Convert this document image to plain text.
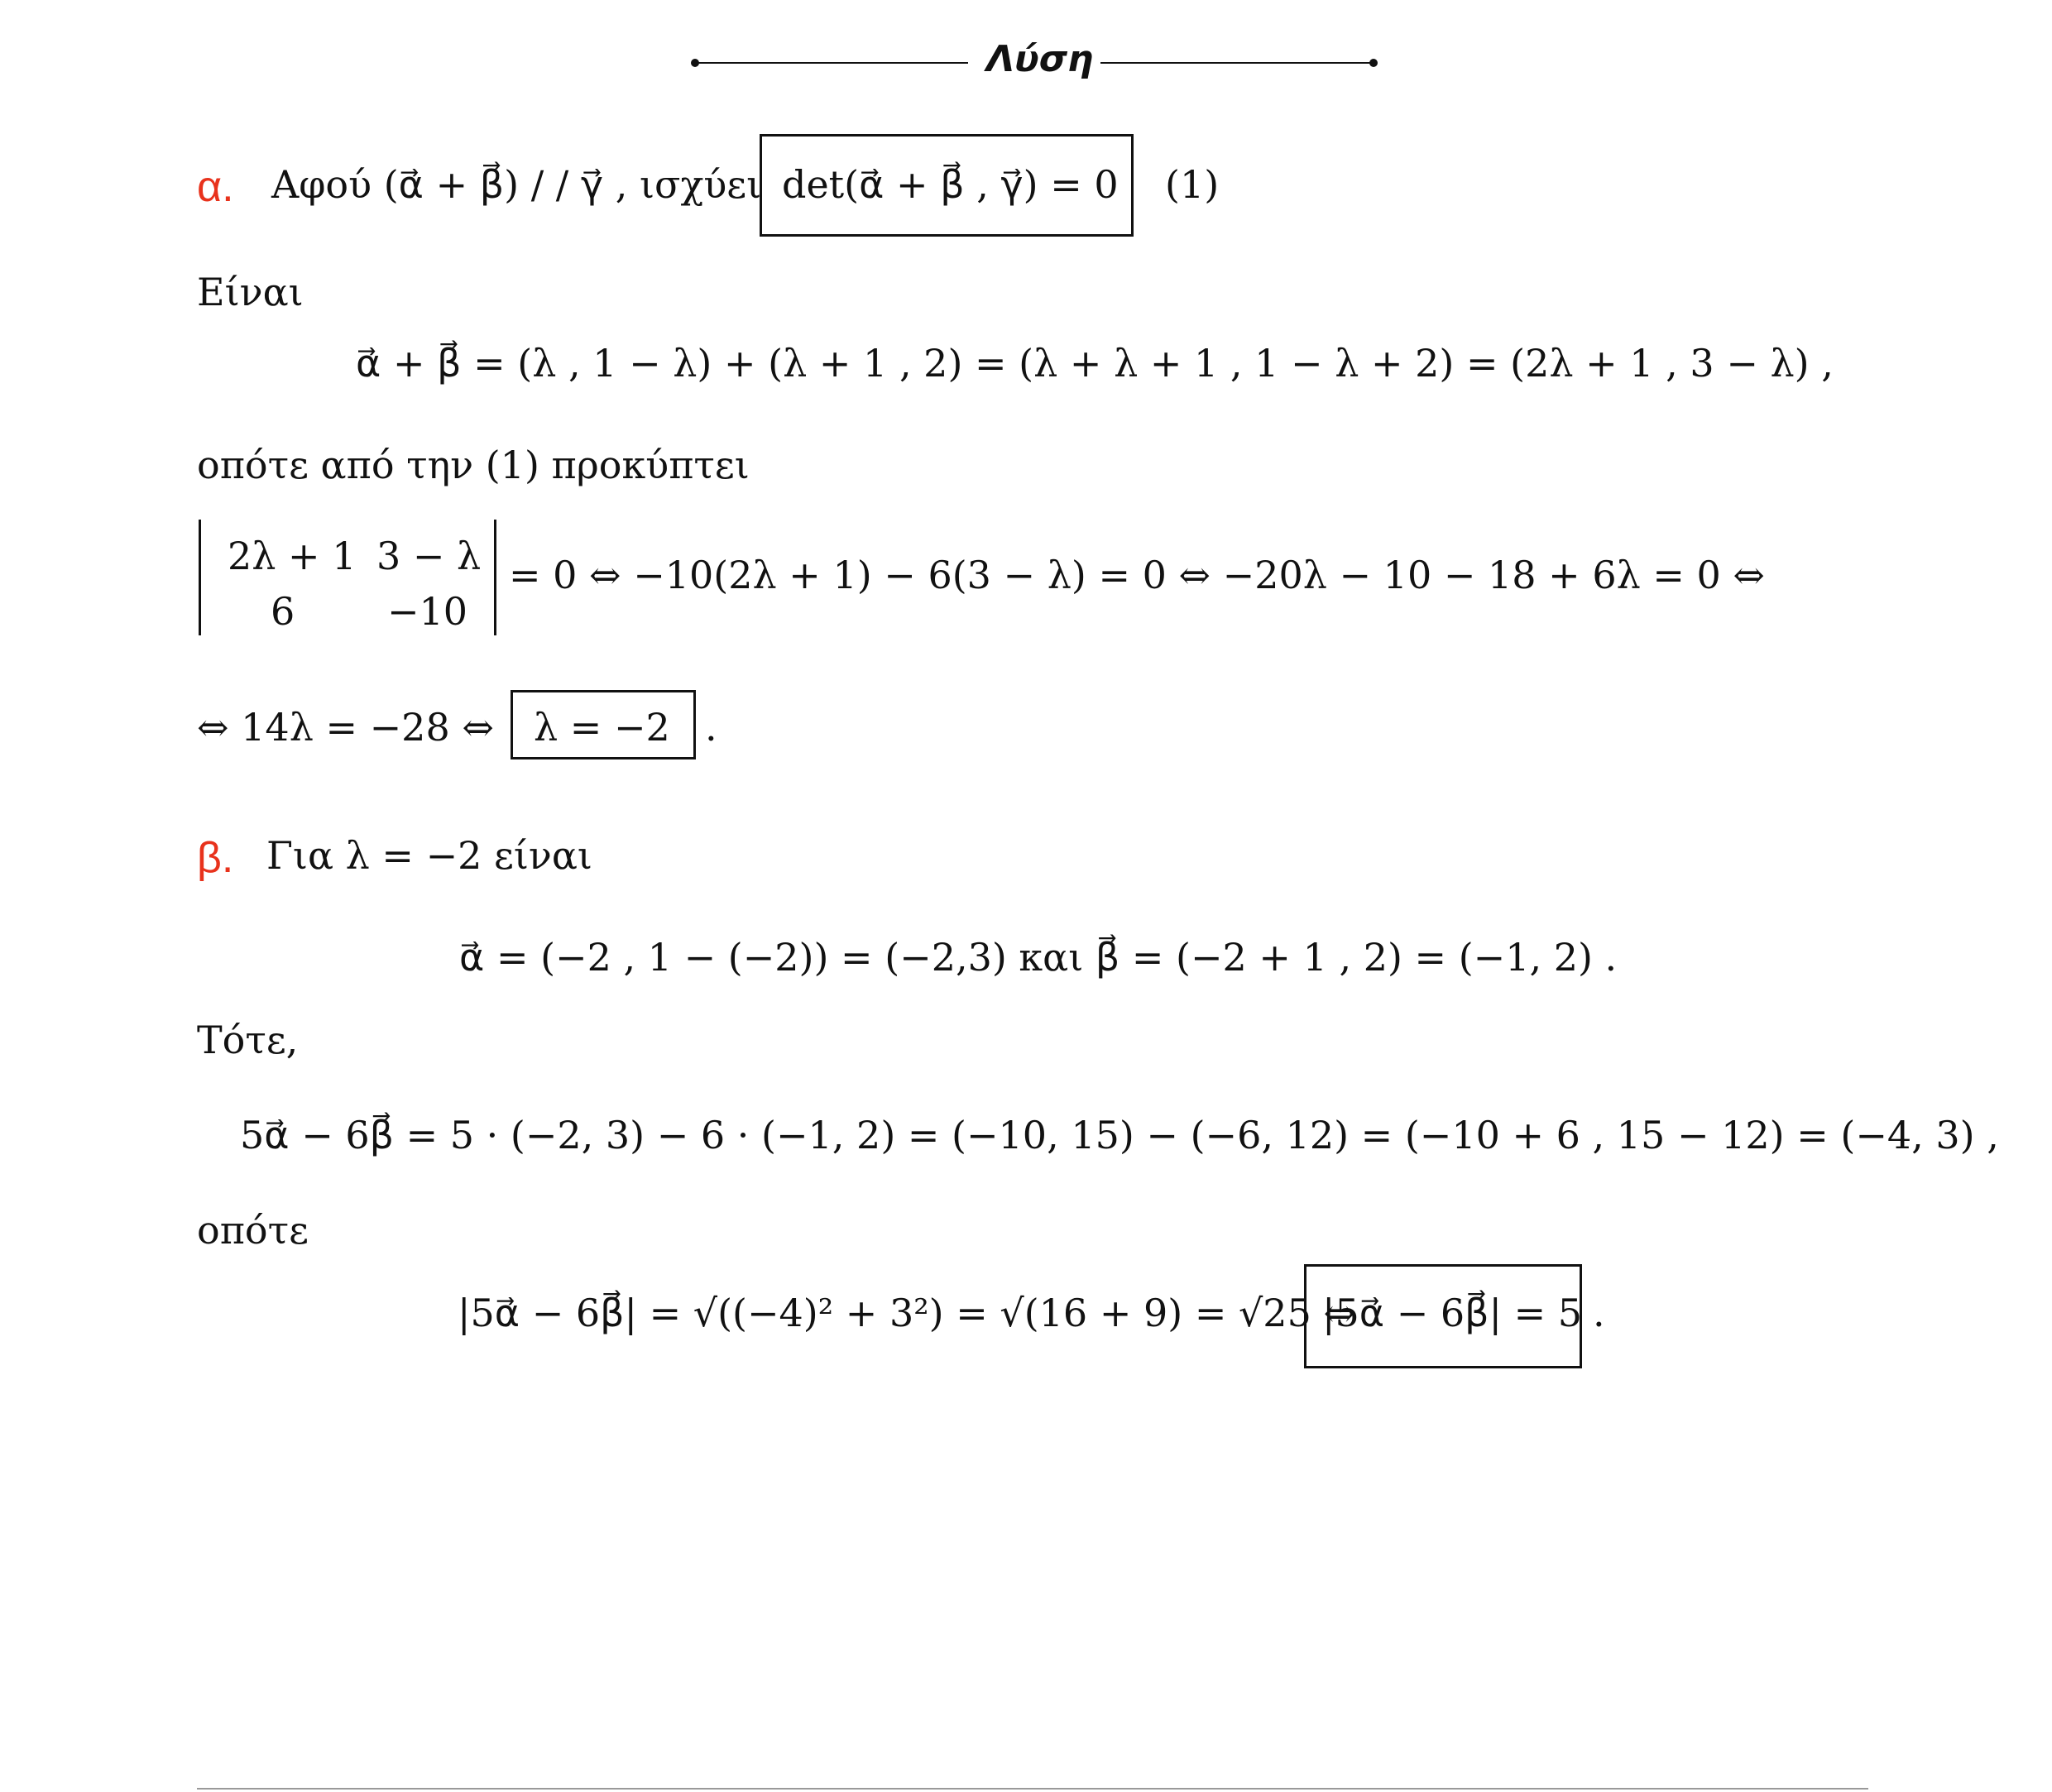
Λύση
α. Αφού (α⃗ + β⃗) / / γ⃗ , ισχύει det(α⃗ + β⃗ , γ⃗) = 0 (1)
Είναι
α⃗ + β⃗ = (λ , 1 − λ) + (λ + 1 , 2) = (λ + λ + 1 , 1 − λ + 2) = (2λ + 1 , 3 − λ) ,
οπότε από την (1) προκύπτει
2λ + 1 3 − λ
6 −10
= 0 ⇔ −10(2λ + 1) − 6(3 − λ) = 0 ⇔ −20λ − 10 − 18 + 6λ = 0 ⇔
⇔ 14λ = −28 ⇔ λ = −2 .
β. Για λ = −2 είναι
α⃗ = (−2 , 1 − (−2)) = (−2,3) και β⃗ = (−2 + 1 , 2) = (−1, 2) .
Τότε,
5α⃗ − 6β⃗ = 5 · (−2, 3) − 6 · (−1, 2) = (−10, 15) − (−6, 12) = (−10 + 6 , 15 − 12) = (−4, 3) ,
οπότε
|5α⃗ − 6β⃗| = √((−4)² + 3²) = √(16 + 9) = √25 ⇔
|5α⃗ − 6β⃗| = 5 .
